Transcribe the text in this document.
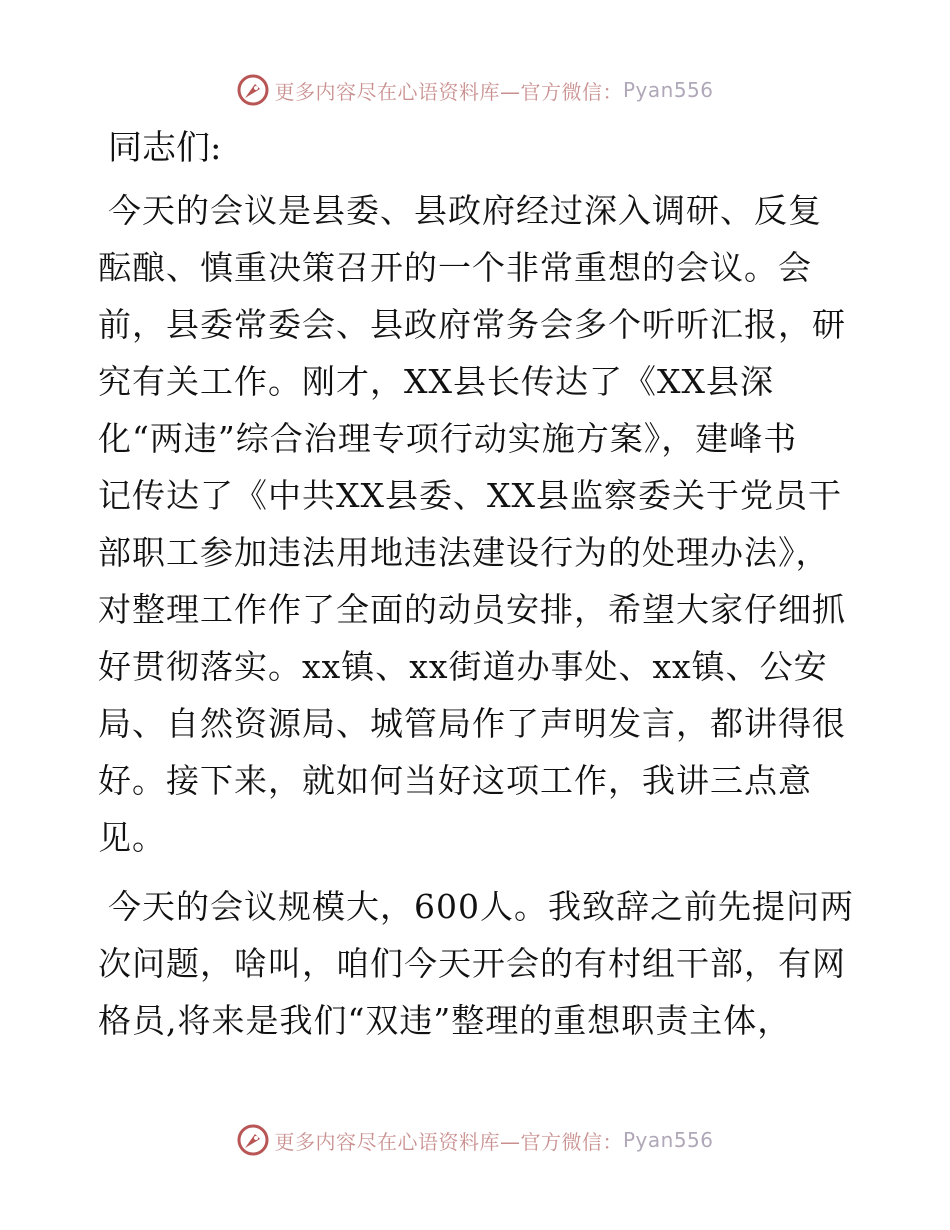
更多内容尽在心语资料库—官方微信： Pyan556
同志们:
今天的会议是县委、县政府经过深入调研、反复
酝酿、慎重决策召开的一个非常重想的会议。会
前，县委常委会、县政府常务会多个听听汇报，研
究有关工作。刚才，XX县长传达了《XX县深
化“两违”综合治理专项行动实施方案》，建峰书
记传达了《中共XX县委、XX县监察委关于党员干
部职工参加违法用地违法建设行为的处理办法》，
对整理工作作了全面的动员安排，希望大家仔细抓
好贯彻落实。xx镇、xx街道办事处、xx镇、公安
局、自然资源局、城管局作了声明发言，都讲得很
好。接下来，就如何当好这项工作，我讲三点意
见。
今天的会议规模大，600人。我致辞之前先提问两
次问题，啥叫，咱们今天开会的有村组干部，有网
格员,将来是我们“双违”整理的重想职责主体，
更多内容尽在心语资料库—官方微信： Pyan556
